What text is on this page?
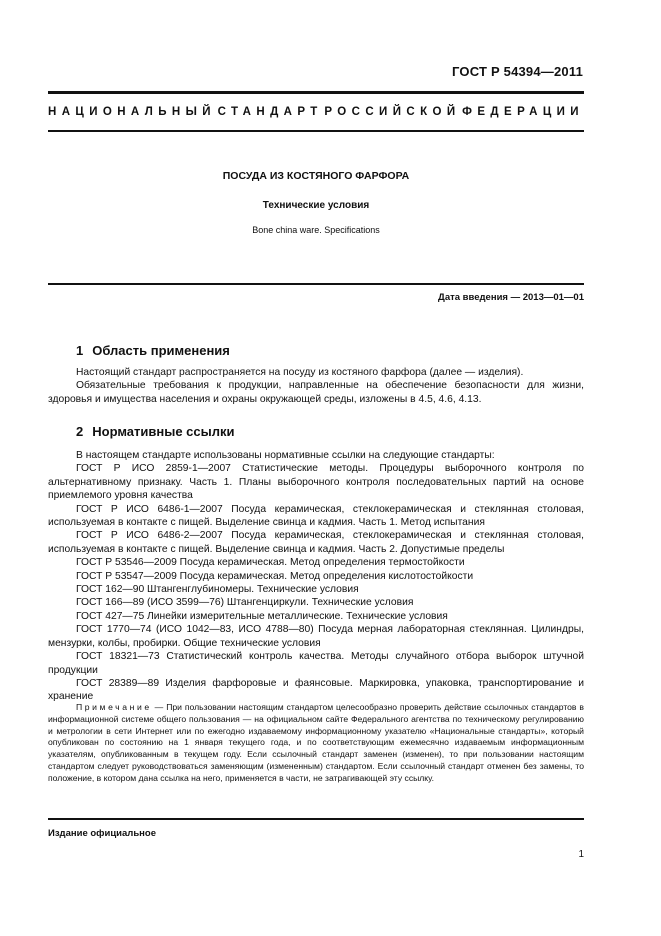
ГОСТ Р 54394—2011
НАЦИОНАЛЬНЫЙ СТАНДАРТ РОССИЙСКОЙ ФЕДЕРАЦИИ
ПОСУДА ИЗ КОСТЯНОГО ФАРФОРА
Технические условия
Bone china ware. Specifications
Дата введения — 2013—01—01
1 Область применения

Настоящий стандарт распространяется на посуду из костяного фарфора (далее — изделия).

Обязательные требования к продукции, направленные на обеспечение безопасности для жизни, здоровья и имущества населения и охраны окружающей среды, изложены в 4.5, 4.6, 4.13.

2 Нормативные ссылки

В настоящем стандарте использованы нормативные ссылки на следующие стандарты:

ГОСТ Р ИСО 2859-1—2007 Статистические методы. Процедуры выборочного контроля по альтернативному признаку. Часть 1. Планы выборочного контроля последовательных партий на основе приемлемого уровня качества

ГОСТ Р ИСО 6486-1—2007 Посуда керамическая, стеклокерамическая и стеклянная столовая, используемая в контакте с пищей. Выделение свинца и кадмия. Часть 1. Метод испытания

ГОСТ Р ИСО 6486-2—2007 Посуда керамическая, стеклокерамическая и стеклянная столовая, используемая в контакте с пищей. Выделение свинца и кадмия. Часть 2. Допустимые пределы

ГОСТ Р 53546—2009 Посуда керамическая. Метод определения термостойкости

ГОСТ Р 53547—2009 Посуда керамическая. Метод определения кислотостойкости

ГОСТ 162—90 Штангенглубиномеры. Технические условия

ГОСТ 166—89 (ИСО 3599—76) Штангенциркули. Технические условия

ГОСТ 427—75 Линейки измерительные металлические. Технические условия

ГОСТ 1770—74 (ИСО 1042—83, ИСО 4788—80) Посуда мерная лабораторная стеклянная. Цилиндры, мензурки, колбы, пробирки. Общие технические условия

ГОСТ 18321—73 Статистический контроль качества. Методы случайного отбора выборок штучной продукции

ГОСТ 28389—89 Изделия фарфоровые и фаянсовые. Маркировка, упаковка, транспортирование и хранение

Примечание — При пользовании настоящим стандартом целесообразно проверить действие ссылочных стандартов в информационной системе общего пользования — на официальном сайте Федерального агентства по техническому регулированию и метрологии в сети Интернет или по ежегодно издаваемому информационному указателю «Национальные стандарты», который опубликован по состоянию на 1 января текущего года, и по соответствующим ежемесячно издаваемым информационным указателям, опубликованным в текущем году. Если ссылочный стандарт заменен (изменен), то при пользовании настоящим стандартом следует руководствоваться заменяющим (измененным) стандартом. Если ссылочный стандарт отменен без замены, то положение, в котором дана ссылка на него, применяется в части, не затрагивающей эту ссылку.

Издание официальное
1
